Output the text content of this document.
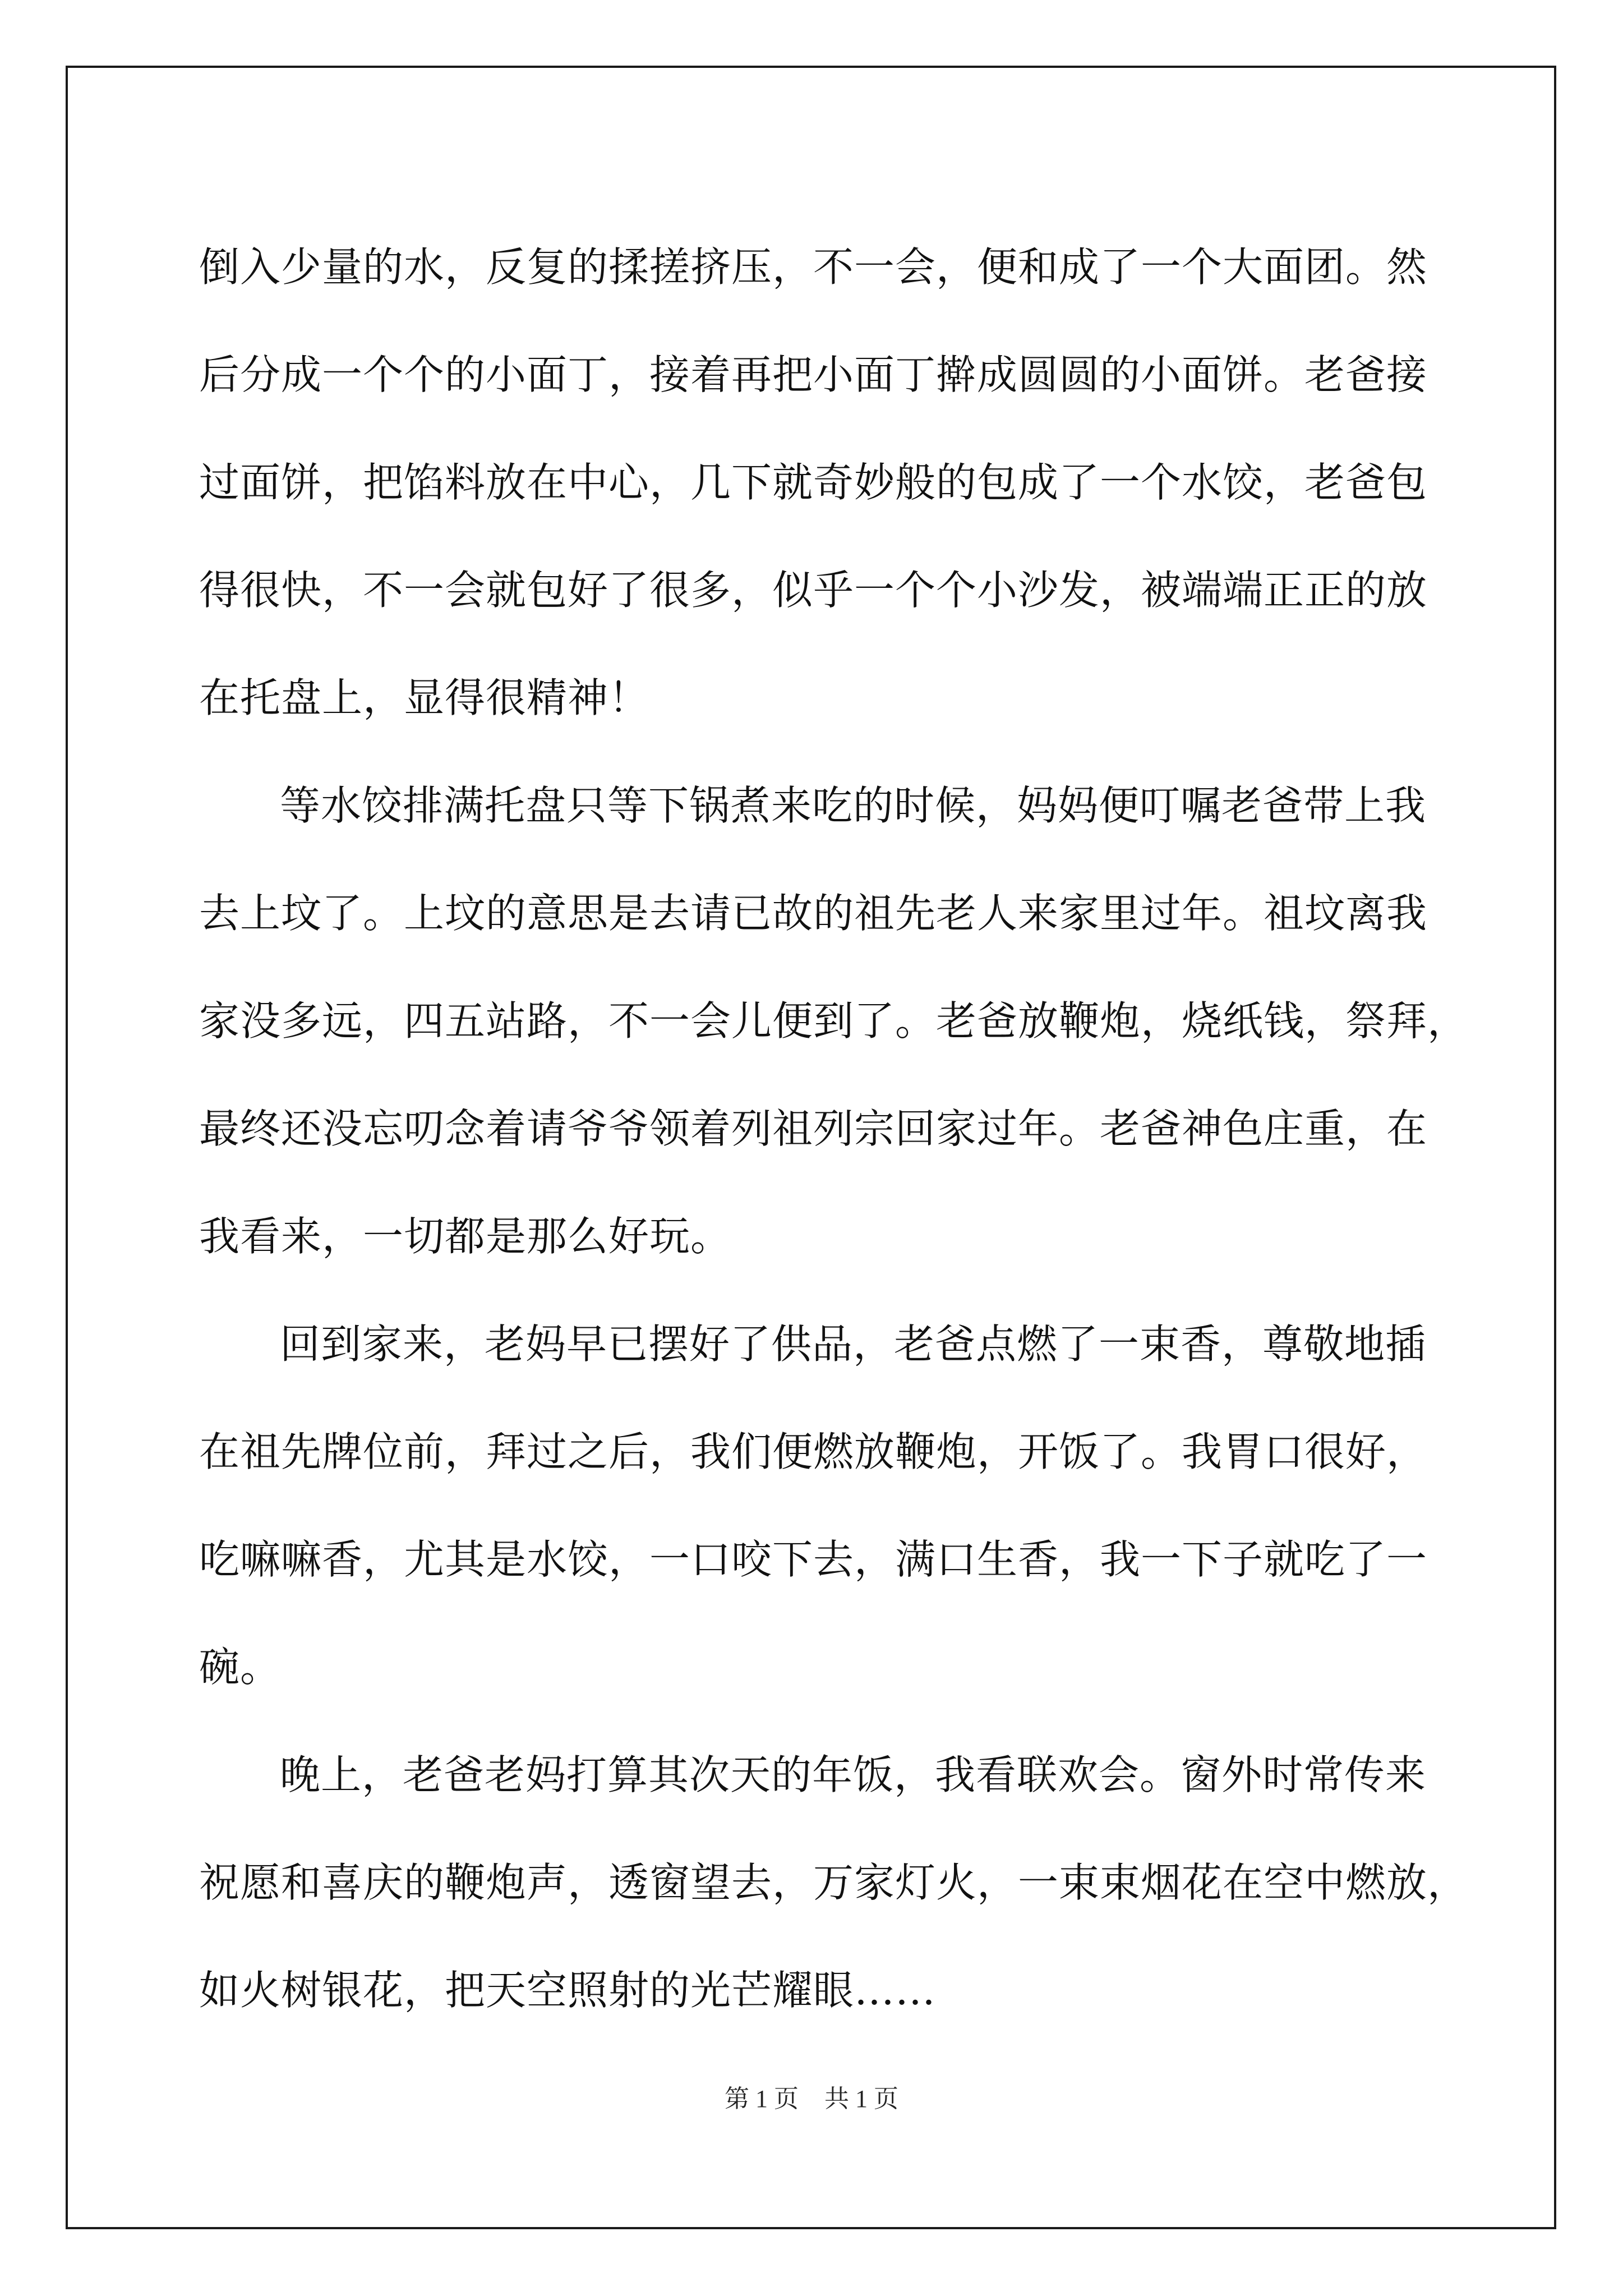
倒入少量的水，反复的揉搓挤压，不一会，便和成了一个大面团。然
后分成一个个的小面丁，接着再把小面丁擀成圆圆的小面饼。老爸接
过面饼，把馅料放在中心，几下就奇妙般的包成了一个水饺，老爸包
得很快，不一会就包好了很多，似乎一个个小沙发，被端端正正的放
在托盘上，显得很精神！
等水饺排满托盘只等下锅煮来吃的时候，妈妈便叮嘱老爸带上我
去上坟了。上坟的意思是去请已故的祖先老人来家里过年。祖坟离我
家没多远，四五站路，不一会儿便到了。老爸放鞭炮，烧纸钱，祭拜，
最终还没忘叨念着请爷爷领着列祖列宗回家过年。老爸神色庄重，在
我看来，一切都是那么好玩。
回到家来，老妈早已摆好了供品，老爸点燃了一束香，尊敬地插
在祖先牌位前，拜过之后，我们便燃放鞭炮，开饭了。我胃口很好，
吃嘛嘛香，尤其是水饺，一口咬下去，满口生香，我一下子就吃了一
碗。
晚上，老爸老妈打算其次天的年饭，我看联欢会。窗外时常传来
祝愿和喜庆的鞭炮声，透窗望去，万家灯火，一束束烟花在空中燃放，
如火树银花，把天空照射的光芒耀眼……
第 1 页 共 1 页
